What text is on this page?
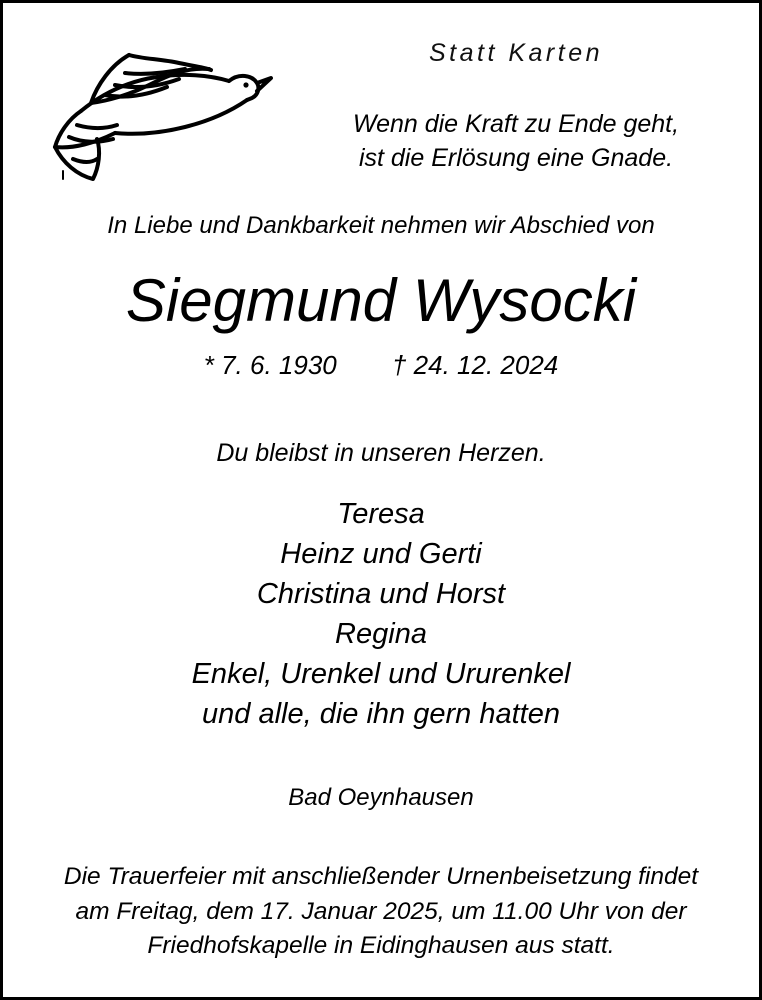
Statt Karten
Wenn die Kraft zu Ende geht,
ist die Erlösung eine Gnade.
In Liebe und Dankbarkeit nehmen wir Abschied von
Siegmund Wysocki
* 7. 6. 1930 † 24. 12. 2024
Du bleibst in unseren Herzen.
Teresa
Heinz und Gerti
Christina und Horst
Regina
Enkel, Urenkel und Ururenkel
und alle, die ihn gern hatten
Bad Oeynhausen
Die Trauerfeier mit anschließender Urnenbeisetzung findet
am Freitag, dem 17. Januar 2025, um 11.00 Uhr von der
Friedhofskapelle in Eidinghausen aus statt.
